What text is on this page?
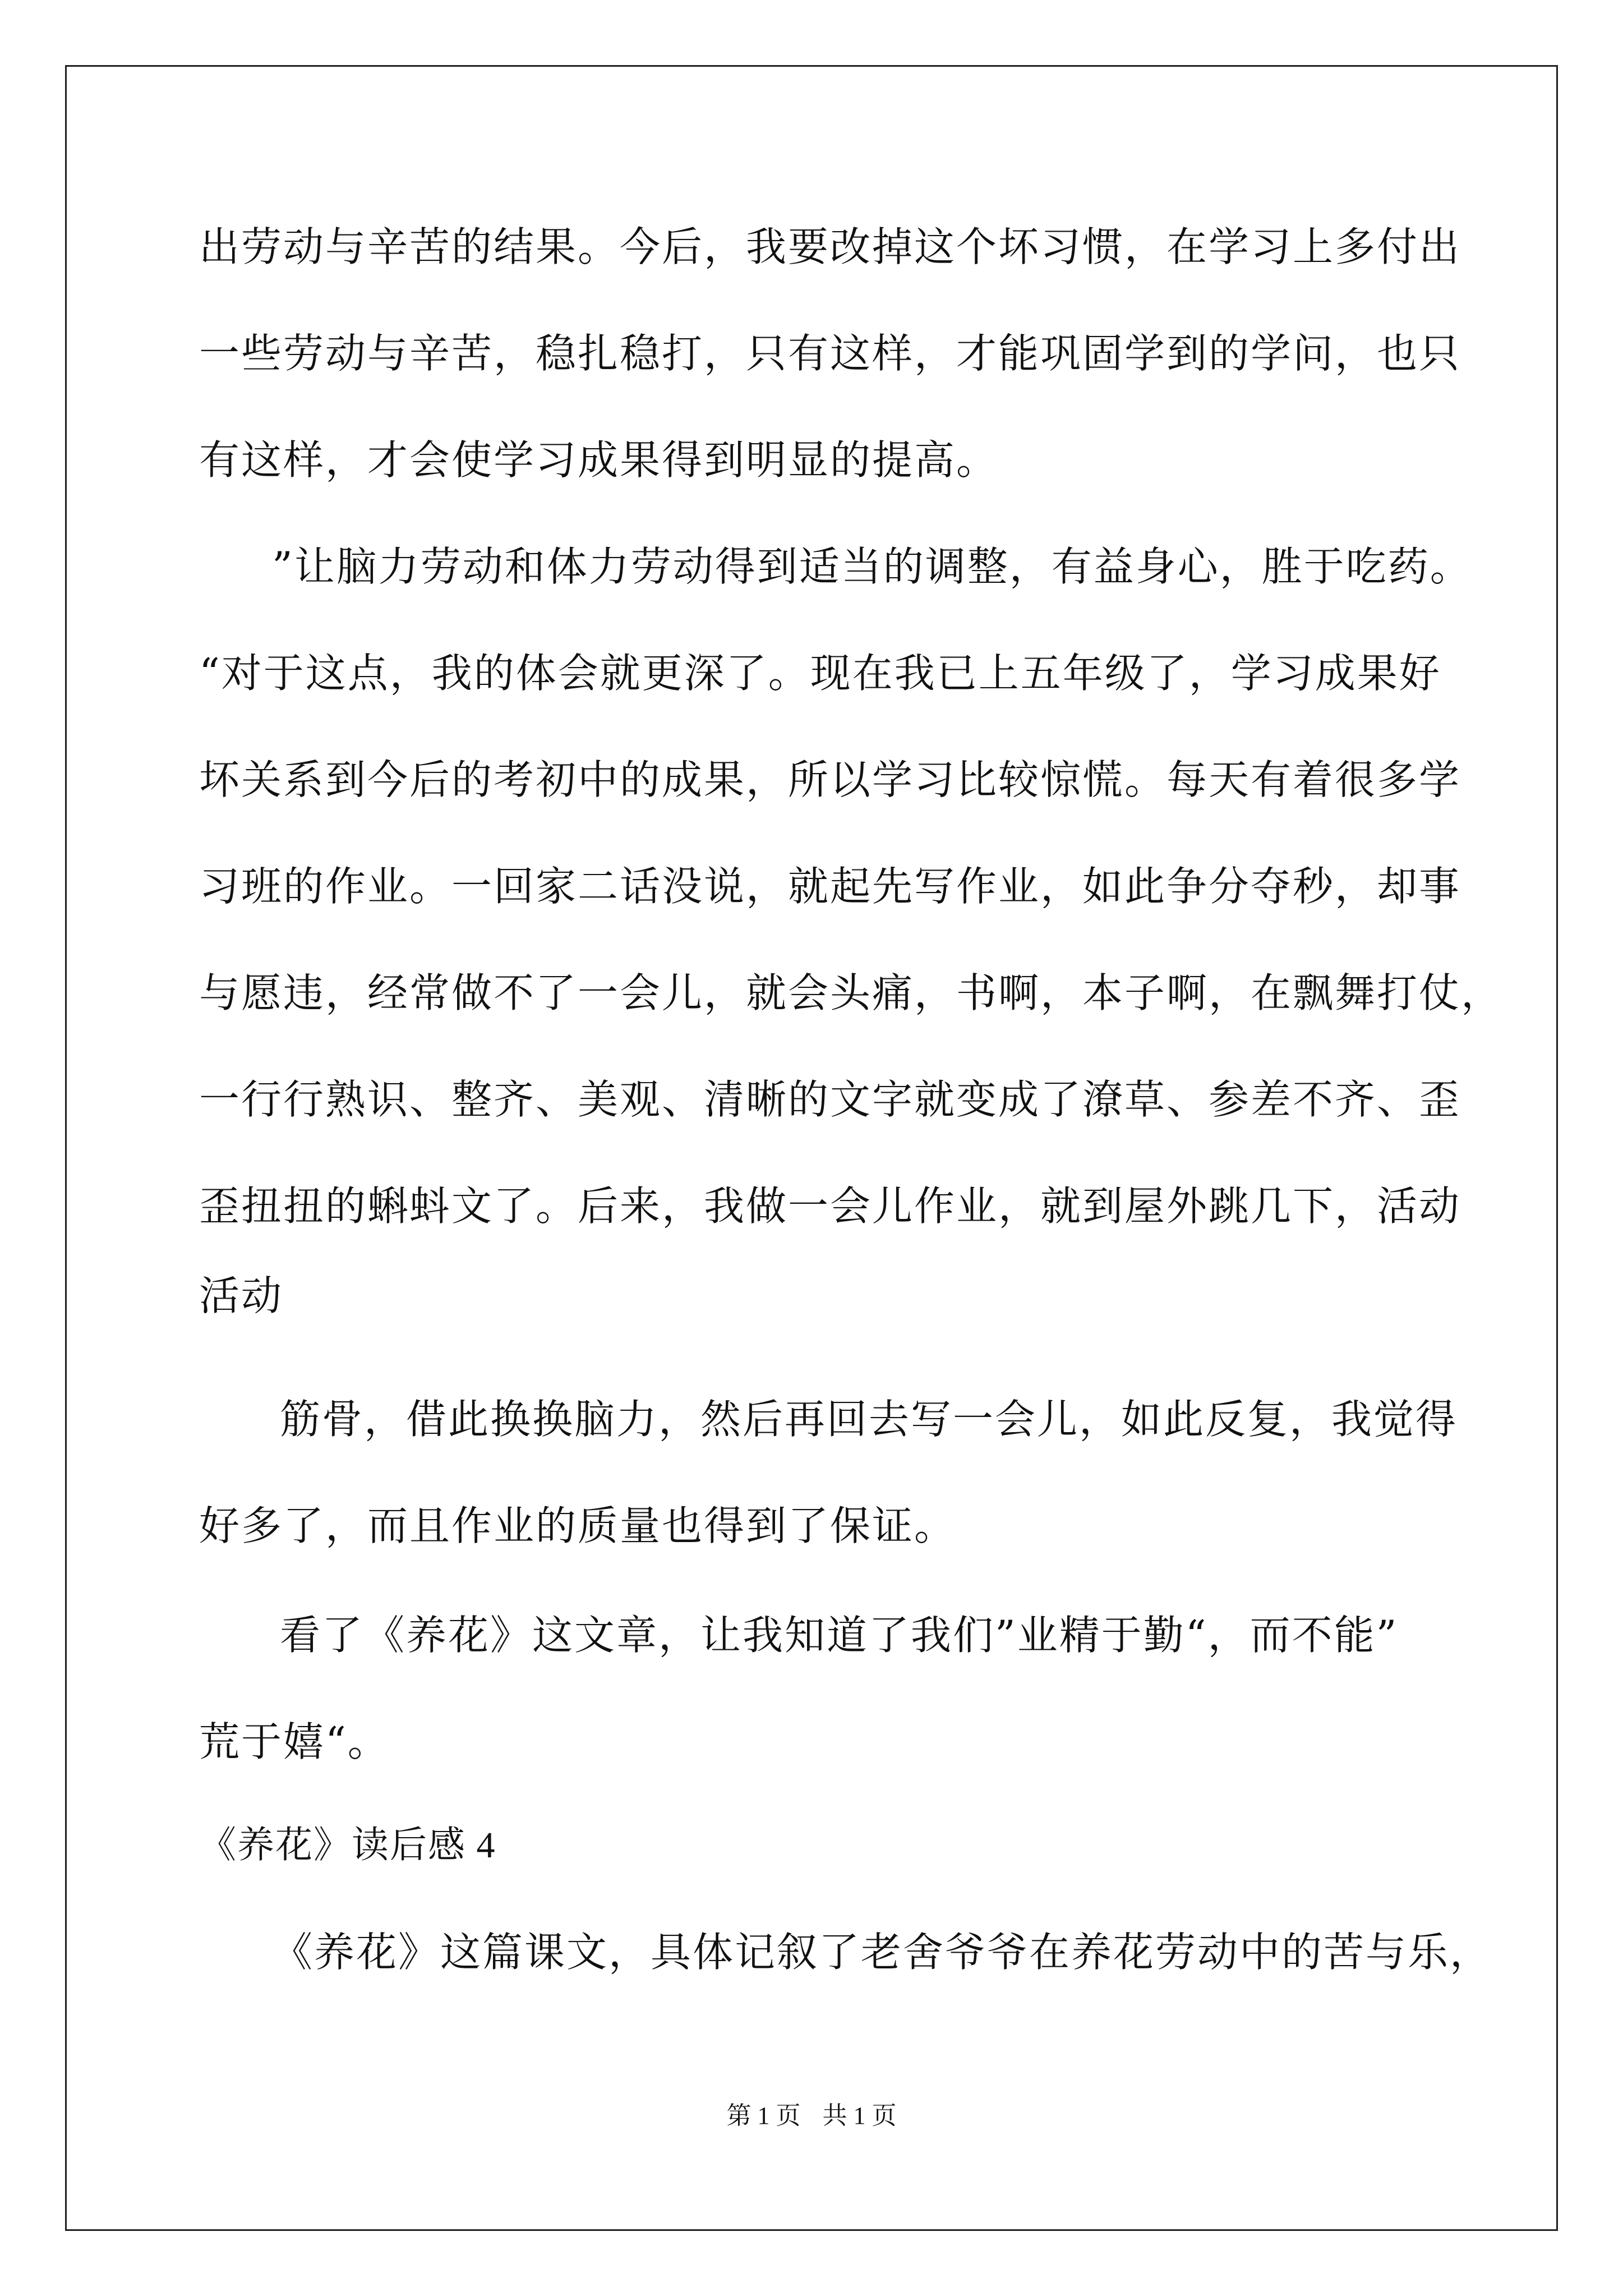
出劳动与辛苦的结果。今后，我要改掉这个坏习惯，在学习上多付出
一些劳动与辛苦，稳扎稳打，只有这样，才能巩固学到的学问，也只
有这样，才会使学习成果得到明显的提高。
”让脑力劳动和体力劳动得到适当的调整，有益身心，胜于吃药。
“对于这点，我的体会就更深了。现在我已上五年级了，学习成果好
坏关系到今后的考初中的成果，所以学习比较惊慌。每天有着很多学
习班的作业。一回家二话没说，就起先写作业，如此争分夺秒，却事
与愿违，经常做不了一会儿，就会头痛，书啊，本子啊，在飘舞打仗，
一行行熟识、整齐、美观、清晰的文字就变成了潦草、参差不齐、歪
歪扭扭的蝌蚪文了。后来，我做一会儿作业，就到屋外跳几下，活动
活动
筋骨，借此换换脑力，然后再回去写一会儿，如此反复，我觉得
好多了，而且作业的质量也得到了保证。
看了《养花》这文章，让我知道了我们”业精于勤“，而不能”
荒于嬉“。
《养花》读后感 4
《养花》这篇课文，具体记叙了老舍爷爷在养花劳动中的苦与乐，
第 1 页 共 1 页
